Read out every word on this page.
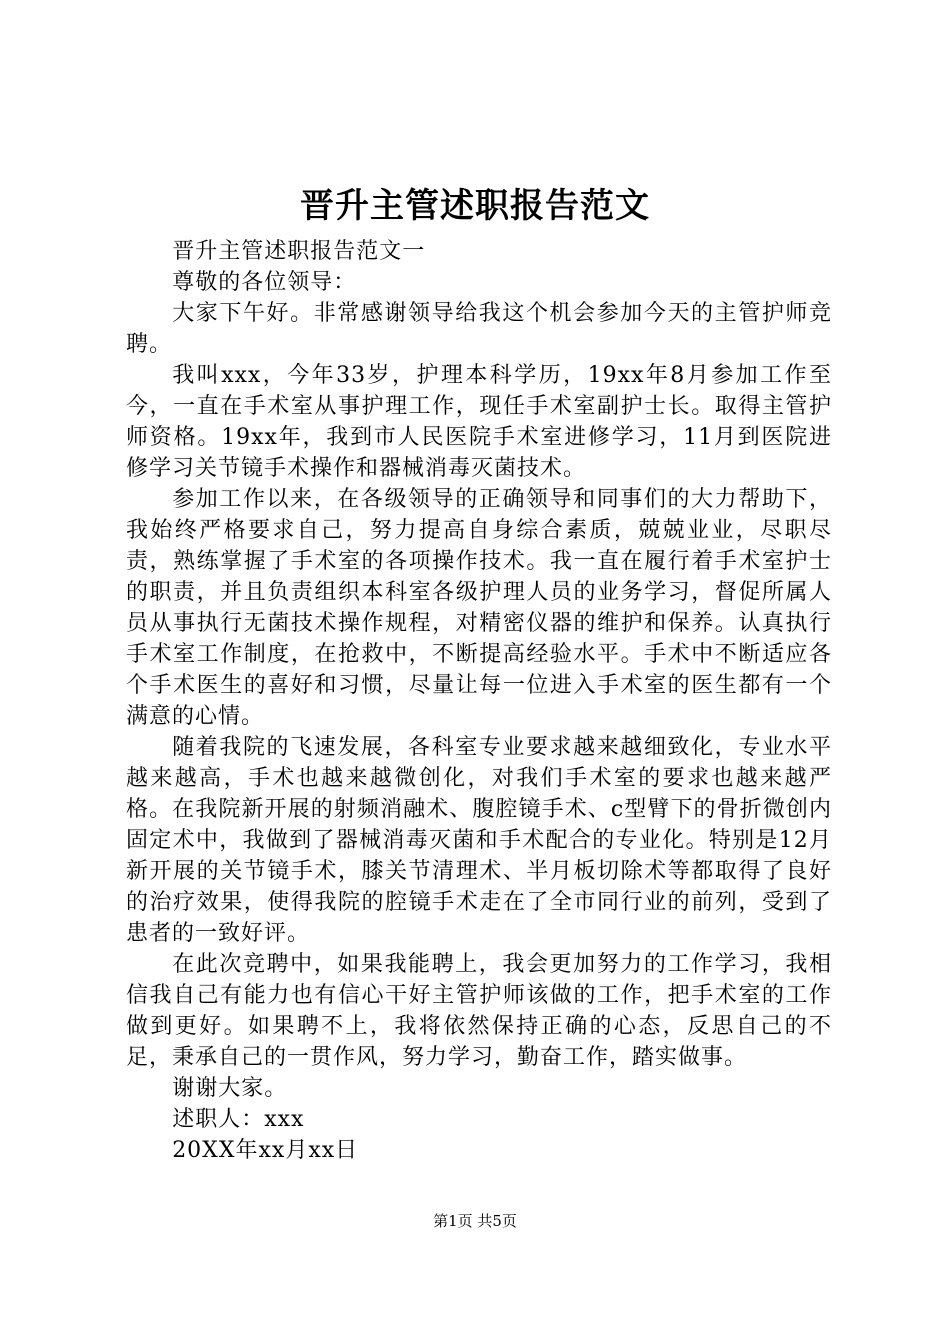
晋升主管述职报告范文

晋升主管述职报告范文一

尊敬的各位领导：

大家下午好。非常感谢领导给我这个机会参加今天的主管护师竞聘。

我叫xxx，今年33岁，护理本科学历，19xx年8月参加工作至今，一直在手术室从事护理工作，现任手术室副护士长。取得主管护师资格。19xx年，我到市人民医院手术室进修学习，11月到医院进修学习关节镜手术操作和器械消毒灭菌技术。

参加工作以来，在各级领导的正确领导和同事们的大力帮助下，我始终严格要求自己，努力提高自身综合素质，兢兢业业，尽职尽责，熟练掌握了手术室的各项操作技术。我一直在履行着手术室护士的职责，并且负责组织本科室各级护理人员的业务学习，督促所属人员从事执行无菌技术操作规程，对精密仪器的维护和保养。认真执行手术室工作制度，在抢救中，不断提高经验水平。手术中不断适应各个手术医生的喜好和习惯，尽量让每一位进入手术室的医生都有一个满意的心情。

随着我院的飞速发展，各科室专业要求越来越细致化，专业水平越来越高，手术也越来越微创化，对我们手术室的要求也越来越严格。在我院新开展的射频消融术、腹腔镜手术、c型臂下的骨折微创内固定术中，我做到了器械消毒灭菌和手术配合的专业化。特别是12月新开展的关节镜手术，膝关节清理术、半月板切除术等都取得了良好的治疗效果，使得我院的腔镜手术走在了全市同行业的前列，受到了患者的一致好评。

在此次竞聘中，如果我能聘上，我会更加努力的工作学习，我相信我自己有能力也有信心干好主管护师该做的工作，把手术室的工作做到更好。如果聘不上，我将依然保持正确的心态，反思自己的不足，秉承自己的一贯作风，努力学习，勤奋工作，踏实做事。

谢谢大家。

述职人：xxx

20XX年xx月xx日

第1页 共5页
